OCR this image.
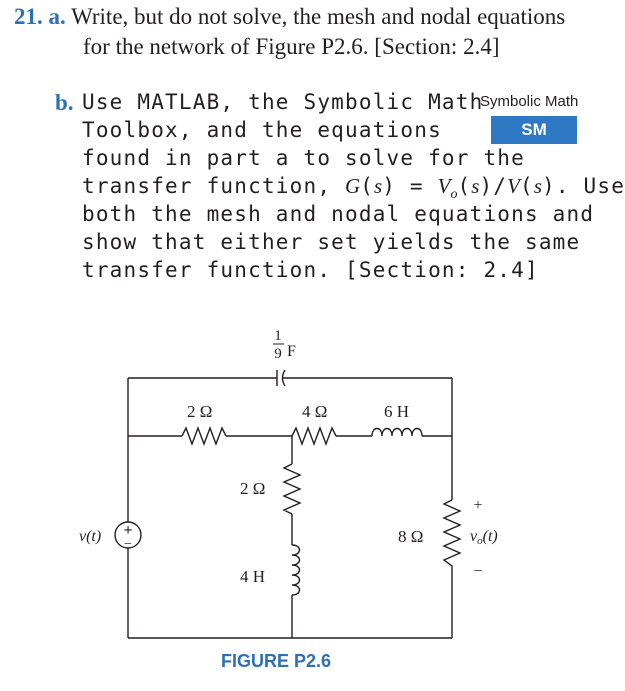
21. a. Write, but do not solve, the mesh and nodal equations
for the network of Figure P2.6. [Section: 2.4]
b. Use MATLAB, the Symbolic Math
Toolbox, and the equations
found in part a to solve for the
transfer function, $G(s) = V_o(s)/V(s)$. Use
both the mesh and nodal equations and
show that either set yields the same
transfer function. [Section: 2.4]
Symbolic Math
SM
1
9 F
2 Ω	4 Ω	6 H
2 Ω
4 H
8 Ω
v(t) +
−
+
vo(t)
−
FIGURE P2.6
